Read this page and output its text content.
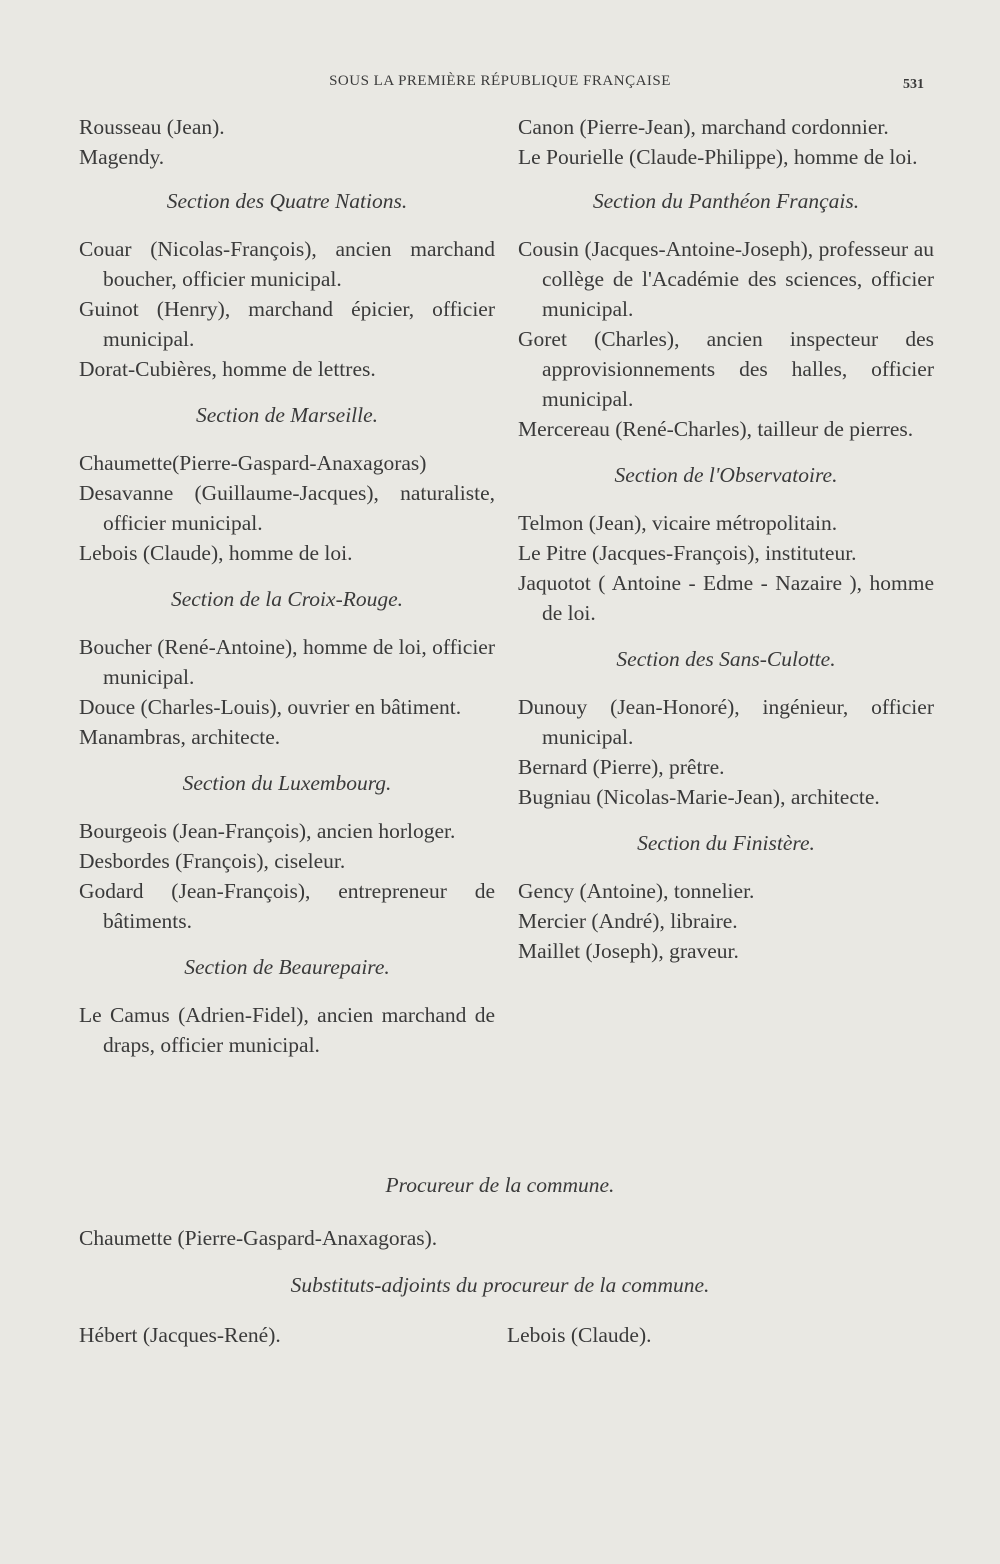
SOUS LA PREMIÈRE RÉPUBLIQUE FRANÇAISE	531

Rousseau (Jean).

Magendy.

Section des Quatre Nations.

Couar (Nicolas-François), ancien marchand boucher, officier municipal.

Guinot (Henry), marchand épicier, officier municipal.

Dorat-Cubières, homme de lettres.

Section de Marseille.

Chaumette(Pierre-Gaspard-Anaxagoras)

Desavanne (Guillaume-Jacques), naturaliste, officier municipal.

Lebois (Claude), homme de loi.

Section de la Croix-Rouge.

Boucher (René-Antoine), homme de loi, officier municipal.

Douce (Charles-Louis), ouvrier en bâtiment.

Manambras, architecte.

Section du Luxembourg.

Bourgeois (Jean-François), ancien horloger.

Desbordes (François), ciseleur.

Godard (Jean-François), entrepreneur de bâtiments.

Section de Beaurepaire.

Le Camus (Adrien-Fidel), ancien marchand de draps, officier municipal.

Canon (Pierre-Jean), marchand cordonnier.

Le Pourielle (Claude-Philippe), homme de loi.

Section du Panthéon Français.

Cousin (Jacques-Antoine-Joseph), professeur au collège de l'Académie des sciences, officier municipal.

Goret (Charles), ancien inspecteur des approvisionnements des halles, officier municipal.

Mercereau (René-Charles), tailleur de pierres.

Section de l'Observatoire.

Telmon (Jean), vicaire métropolitain.

Le Pitre (Jacques-François), instituteur.

Jaquotot ( Antoine - Edme - Nazaire ), homme de loi.

Section des Sans-Culotte.

Dunouy (Jean-Honoré), ingénieur, officier municipal.

Bernard (Pierre), prêtre.

Bugniau (Nicolas-Marie-Jean), architecte.

Section du Finistère.

Gency (Antoine), tonnelier.

Mercier (André), libraire.

Maillet (Joseph), graveur.

Procureur de la commune.
Chaumette (Pierre-Gaspard-Anaxagoras).
Substituts-adjoints du procureur de la commune.
Hébert (Jacques-René).	Lebois (Claude).
